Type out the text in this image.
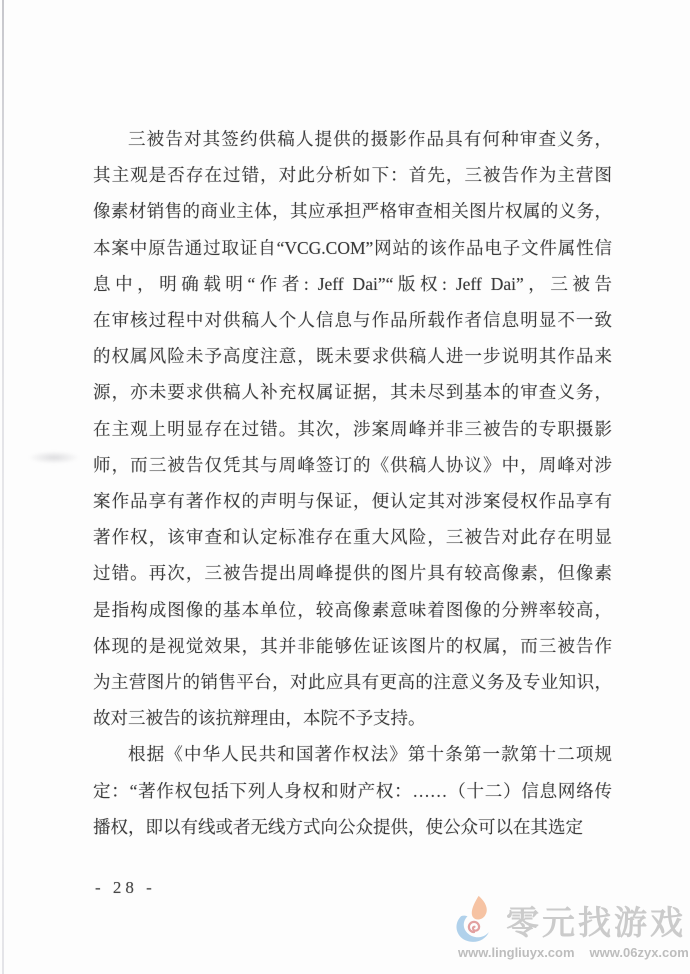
三被告对其签约供稿人提供的摄影作品具有何种审查义务，
其主观是否存在过错，对此分析如下：首先，三被告作为主营图
像素材销售的商业主体，其应承担严格审查相关图片权属的义务，
本案中原告通过取证自“VCG.COM”网站的该作品电子文件属性信
息中，明确载明“作者: Jeff Dai”“版权: Jeff Dai”，三被告
在审核过程中对供稿人个人信息与作品所载作者信息明显不一致
的权属风险未予高度注意，既未要求供稿人进一步说明其作品来
源，亦未要求供稿人补充权属证据，其未尽到基本的审查义务，
在主观上明显存在过错。其次，涉案周峰并非三被告的专职摄影
师，而三被告仅凭其与周峰签订的《供稿人协议》中，周峰对涉
案作品享有著作权的声明与保证，便认定其对涉案侵权作品享有
著作权，该审查和认定标准存在重大风险，三被告对此存在明显
过错。再次，三被告提出周峰提供的图片具有较高像素，但像素
是指构成图像的基本单位，较高像素意味着图像的分辨率较高，
体现的是视觉效果，其并非能够佐证该图片的权属，而三被告作
为主营图片的销售平台，对此应具有更高的注意义务及专业知识，
故对三被告的该抗辩理由，本院不予支持。
根据《中华人民共和国著作权法》第十条第一款第十二项规
定：“著作权包括下列人身权和财产权：……（十二）信息网络传
播权，即以有线或者无线方式向公众提供，使公众可以在其选定
- 28 -
零元找游戏
www.lingliuyx.com www.06zyx.com
